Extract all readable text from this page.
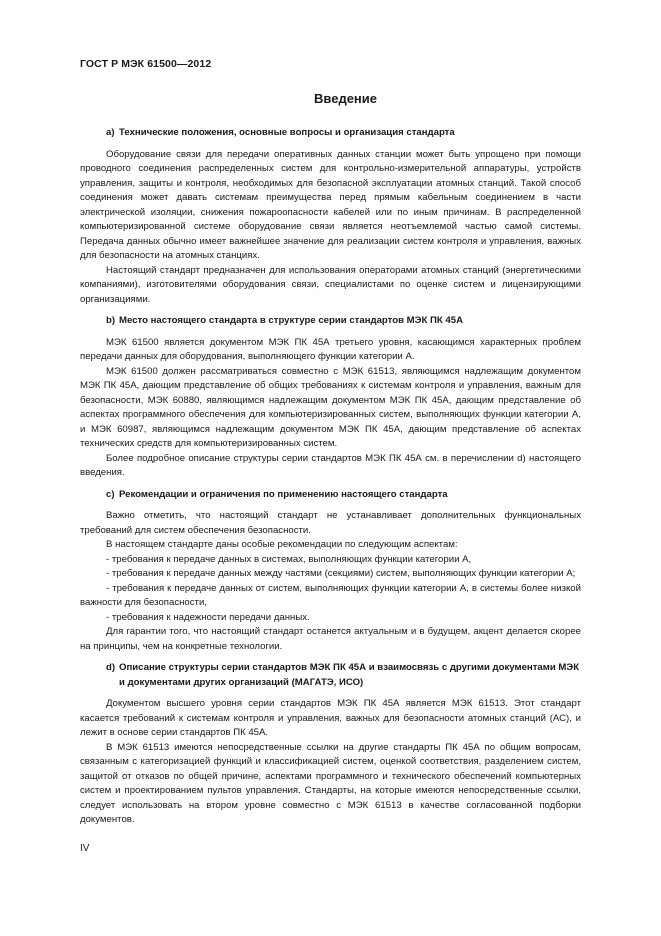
ГОСТ Р МЭК 61500—2012
Введение
a) Технические положения, основные вопросы и организация стандарта

Оборудование связи для передачи оперативных данных станции может быть упрощено при помощи проводного соединения распределенных систем для контрольно-измерительной аппаратуры, устройств управления, защиты и контроля, необходимых для безопасной эксплуатации атомных станций. Такой способ соединения может давать системам преимущества перед прямым кабельным соединением в части электрической изоляции, снижения пожароопасности кабелей или по иным причинам. В распределенной компьютеризированной системе оборудование связи является неотъемлемой частью самой системы. Передача данных обычно имеет важнейшее значение для реализации систем контроля и управления, важных для безопасности на атомных станциях.

Настоящий стандарт предназначен для использования операторами атомных станций (энергетическими компаниями), изготовителями оборудования связи, специалистами по оценке систем и лицензирующими организациями.

b) Место настоящего стандарта в структуре серии стандартов МЭК ПК 45А

МЭК 61500 является документом МЭК ПК 45А третьего уровня, касающимся характерных проблем передачи данных для оборудования, выполняющего функции категории А.

МЭК 61500 должен рассматриваться совместно с МЭК 61513, являющимся надлежащим документом МЭК ПК 45А, дающим представление об общих требованиях к системам контроля и управления, важным для безопасности, МЭК 60880, являющимся надлежащим документом МЭК ПК 45А, дающим представление об аспектах программного обеспечения для компьютеризированных систем, выполняющих функции категории А, и МЭК 60987, являющимся надлежащим документом МЭК ПК 45А, дающим представление об аспектах технических средств для компьютеризированных систем.

Более подробное описание структуры серии стандартов МЭК ПК 45А см. в перечислении d) настоящего введения.

c) Рекомендации и ограничения по применению настоящего стандарта

Важно отметить, что настоящий стандарт не устанавливает дополнительных функциональных требований для систем обеспечения безопасности.

В настоящем стандарте даны особые рекомендации по следующим аспектам:

- требования к передаче данных в системах, выполняющих функции категории А,

- требования к передаче данных между частями (секциями) систем, выполняющих функции категории А;

- требования к передаче данных от систем, выполняющих функции категории А, в системы более низкой важности для безопасности,

- требования к надежности передачи данных.

Для гарантии того, что настоящий стандарт останется актуальным и в будущем, акцент делается скорее на принципы, чем на конкретные технологии.

d) Описание структуры серии стандартов МЭК ПК 45А и взаимосвязь с другими документами МЭК и документами других организаций (МАГАТЭ, ИСО)

Документом высшего уровня серии стандартов МЭК ПК 45А является МЭК 61513. Этот стандарт касается требований к системам контроля и управления, важных для безопасности атомных станций (АС), и лежит в основе серии стандартов ПК 45А.

В МЭК 61513 имеются непосредственные ссылки на другие стандарты ПК 45А по общим вопросам, связанным с категоризацией функций и классификацией систем, оценкой соответствия, разделением систем, защитой от отказов по общей причине, аспектами программного и технического обеспечений компьютерных систем и проектированием пультов управления. Стандарты, на которые имеются непосредственные ссылки, следует использовать на втором уровне совместно с МЭК 61513 в качестве согласованной подборки документов.

IV
